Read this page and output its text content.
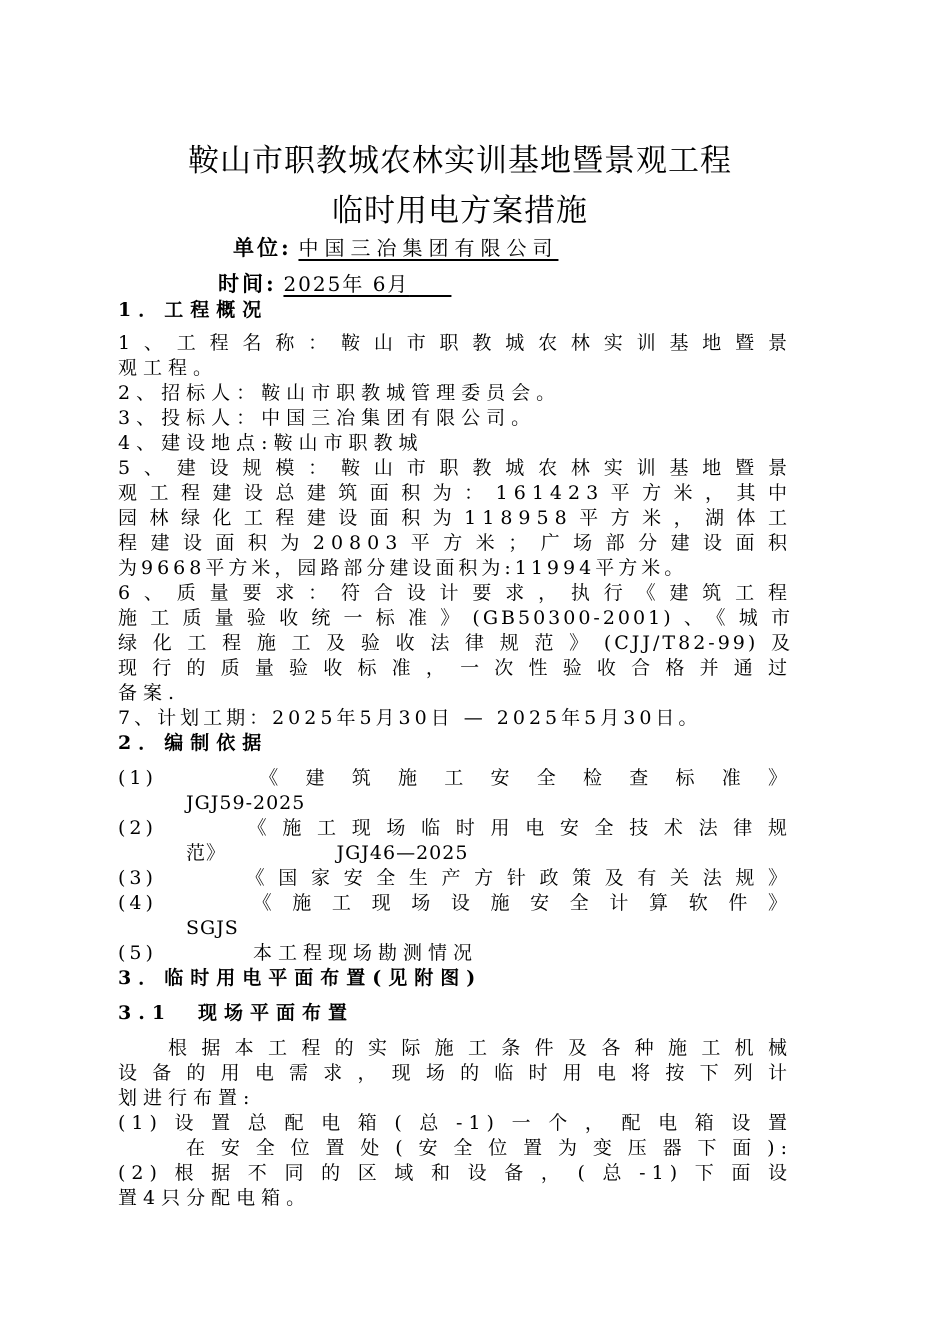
鞍山市职教城农林实训基地暨景观工程
临时用电方案措施
单位: 中国三冶集团有限公司
时间: 2025年 6月  
1．工程概况
1、工程名称：鞍山市职教城农林实训基地暨景
观工程。
2、招标人：鞍山市职教城管理委员会。
3、投标人：中国三冶集团有限公司。
4、建设地点:鞍山市职教城
5、建设规模：鞍山市职教城农林实训基地暨景
观工程建设总建筑面积为：161423平方米，其中
园林绿化工程建设面积为118958平方米，湖体工
程建设面积为20803平方米；广场部分建设面积
为9668平方米，园路部分建设面积为:11994平方米。
6、质量要求：符合设计要求，执行《建筑工程
施工质量验收统一标准》(GB50300-2001)、《城市
绿化工程施工及验收法律规范》(CJJ/T82-99)及
现行的质量验收标准，一次性验收合格并通过
备案.
7、计划工期：2025年5月30日 — 2025年5月30日。
2．编制依据
(1)	《建筑施工安全检查标准》
JGJ59-2025
(2)	《施工现场临时用电安全技术法律规
范》　　　　　　JGJ46—2025
(3)	《国家安全生产方针政策及有关法规》
(4)	《施工现场设施安全计算软件》
SGJS
(5)	本工程现场勘测情况
3．临时用电平面布置(见附图)
3.1　现场平面布置
根据本工程的实际施工条件及各种施工机械
设备的用电需求，现场的临时用电将按下列计
划进行布置:
(1)设置总配电箱(总-1)一个，配电箱设置
在安全位置处(安全位置为变压器下面):
(2)根据不同的区域和设备，(总-1)下面设
置4只分配电箱。
